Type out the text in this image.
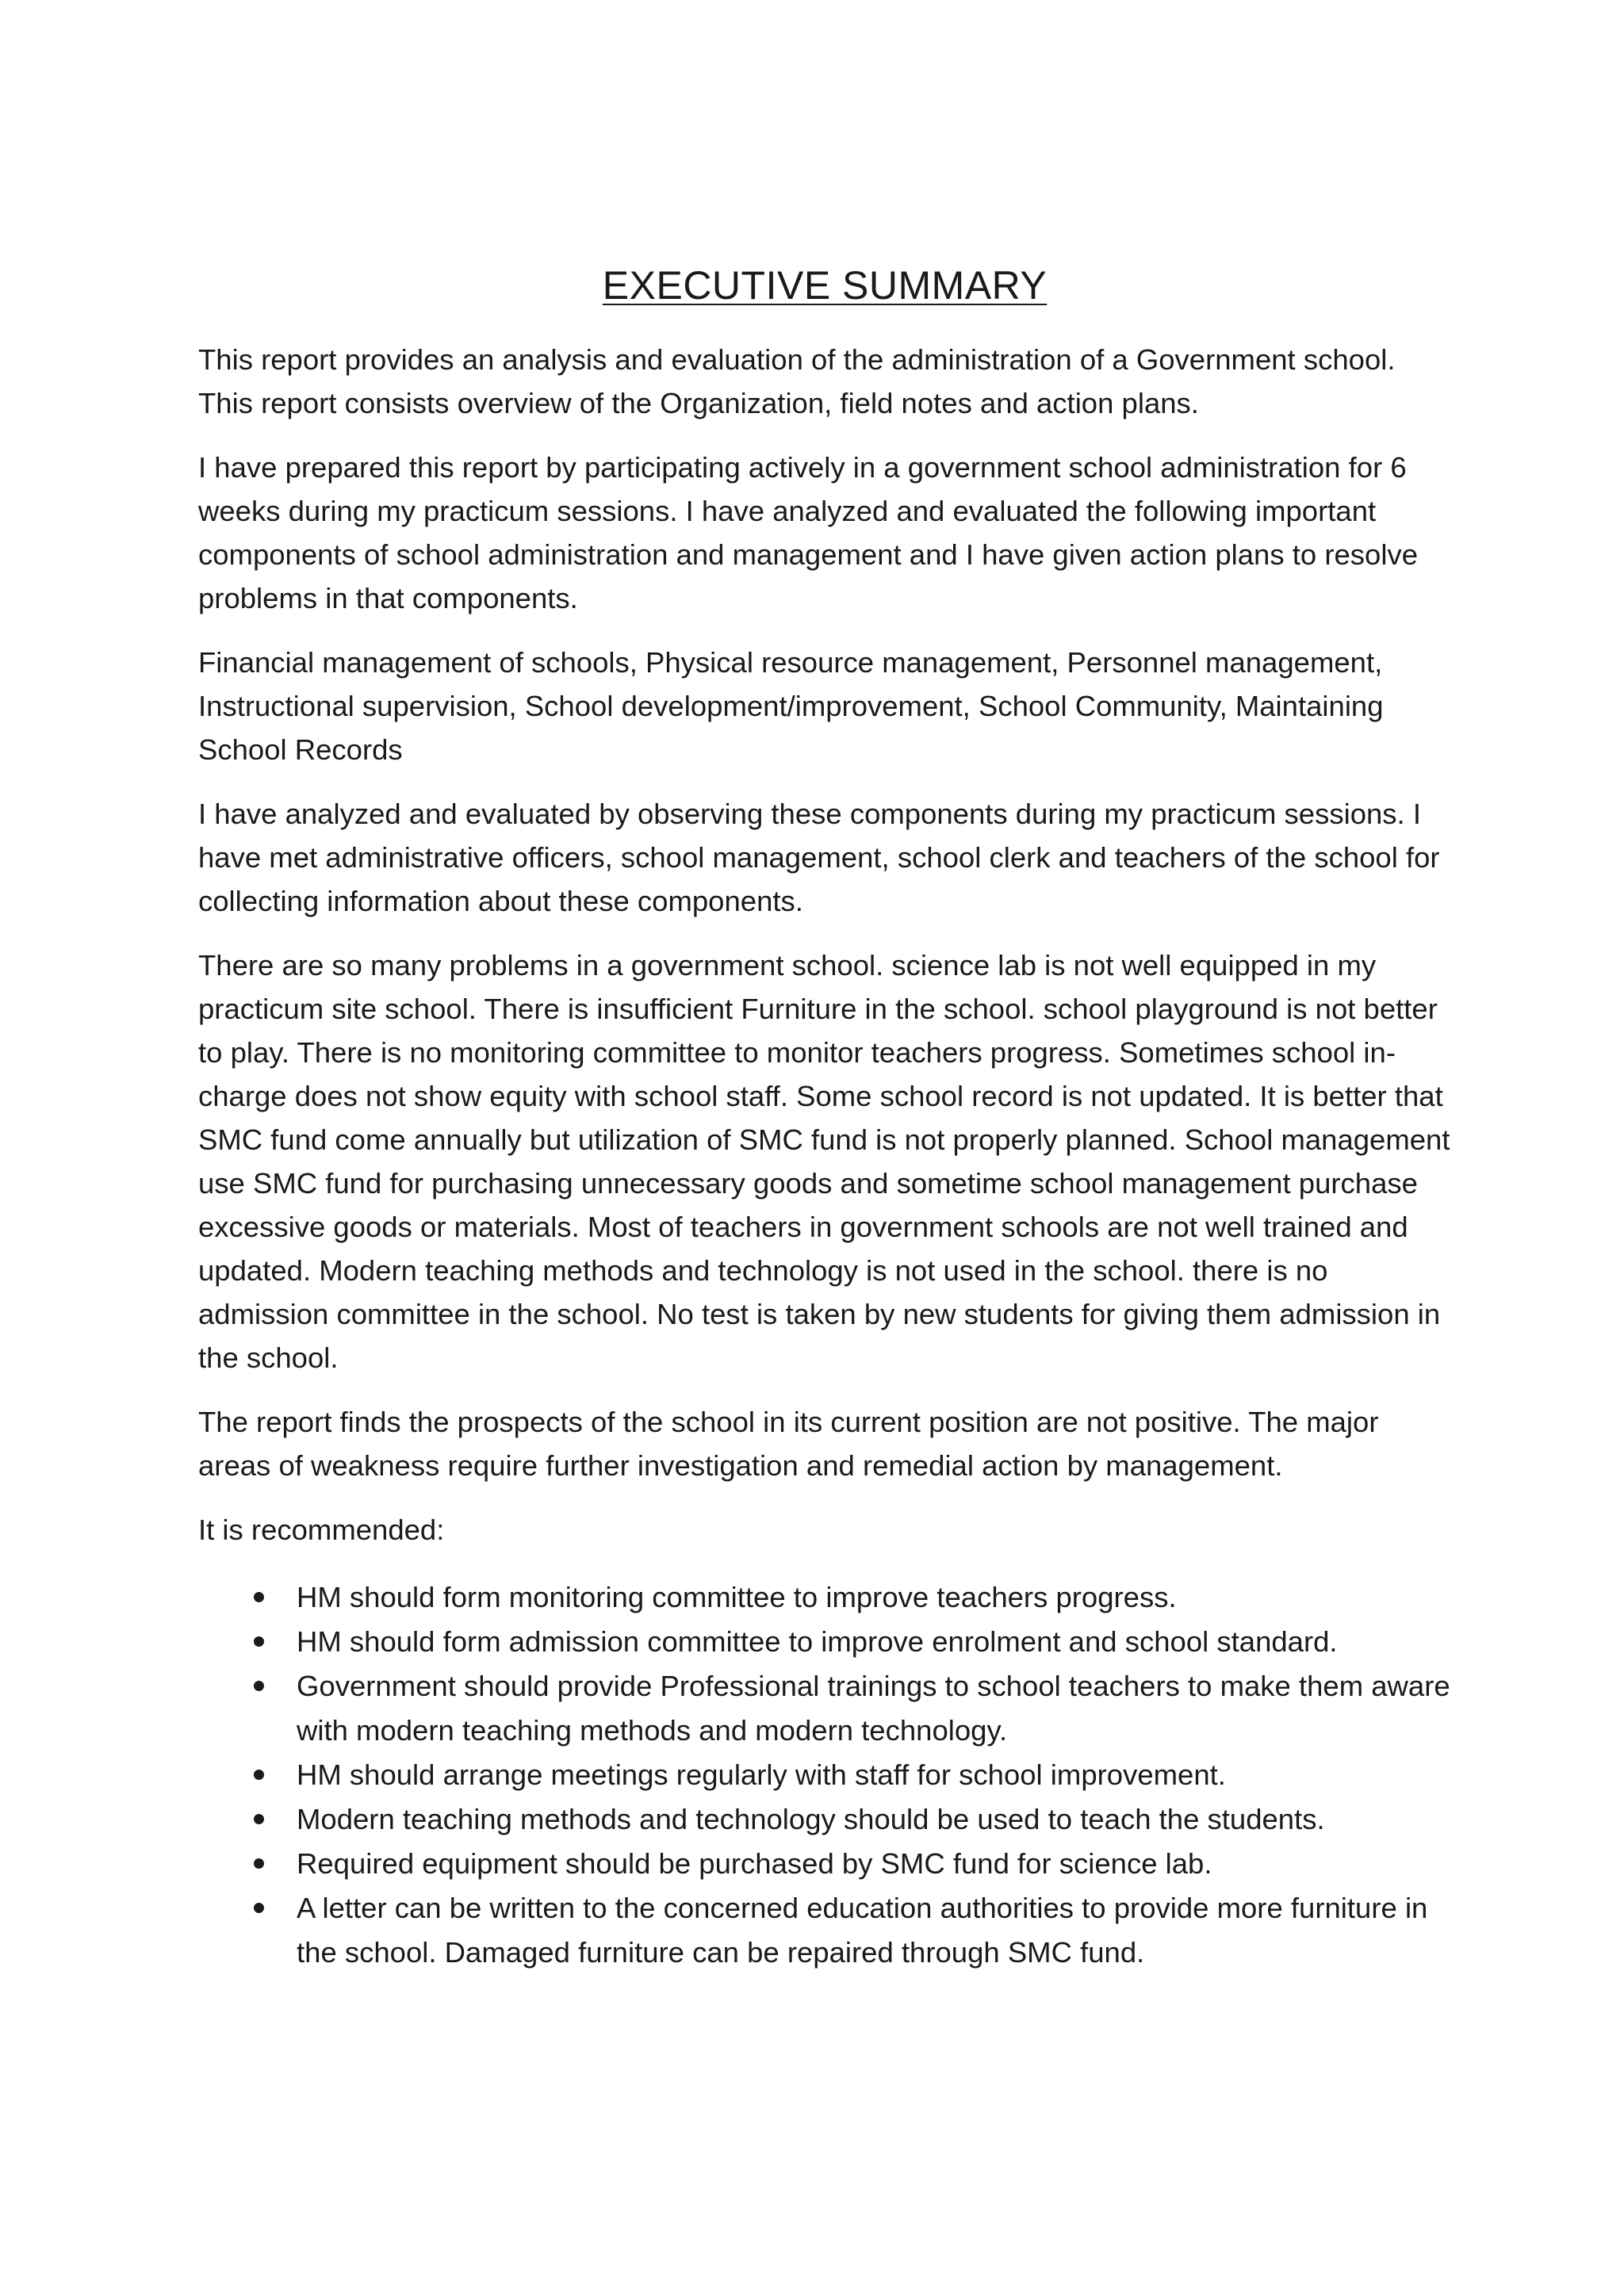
EXECUTIVE SUMMARY

This report provides an analysis and evaluation of the administration of a Government school. This report consists overview of the Organization, field notes and action plans.

I have prepared this report by participating actively in a government school administration for 6 weeks during my practicum sessions. I have analyzed and evaluated the following important components of school administration and management and I have given action plans to resolve problems in that components.

Financial management of schools, Physical resource management, Personnel management, Instructional supervision, School development/improvement, School Community, Maintaining School Records

I have analyzed and evaluated by observing these components during my practicum sessions. I have met administrative officers, school management, school clerk and teachers of the school for collecting information about these components.

There are so many problems in a government school. science lab is not well equipped in my practicum site school. There is insufficient Furniture in the school. school playground is not better to play. There is no monitoring committee to monitor teachers progress. Sometimes school in-charge does not show equity with school staff. Some school record is not updated. It is better that SMC fund come annually but utilization of SMC fund is not properly planned. School management use SMC fund for purchasing unnecessary goods and sometime school management purchase excessive goods or materials. Most of teachers in government schools are not well trained and updated. Modern teaching methods and technology is not used in the school. there is no admission committee in the school. No test is taken by new students for giving them admission in the school.

The report finds the prospects of the school in its current position are not positive. The major areas of weakness require further investigation and remedial action by management.

It is recommended:

HM should form monitoring committee to improve teachers progress.
HM should form admission committee to improve enrolment and school standard.
Government should provide Professional trainings to school teachers to make them aware with modern teaching methods and modern technology.
HM should arrange meetings regularly with staff for school improvement.
Modern teaching methods and technology should be used to teach the students.
Required equipment should be purchased by SMC fund for science lab.
A letter can be written to the concerned education authorities to provide more furniture in the school. Damaged furniture can be repaired through SMC fund.
